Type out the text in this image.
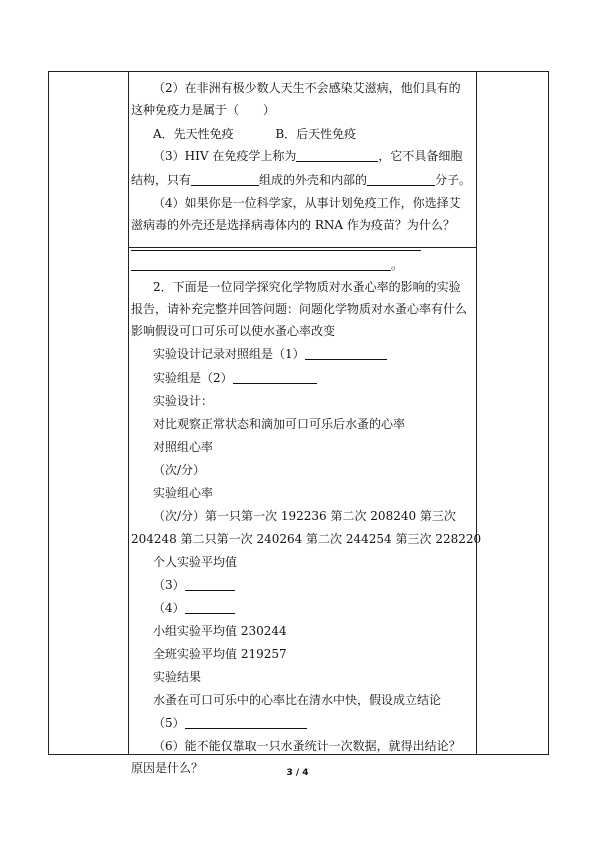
（2）在非洲有极少数人天生不会感染艾滋病，他们具有的
这种免疫力是属于（　　）
A．先天性免疫	B．后天性免疫
（3）HIV 在免疫学上称为	，它不具备细胞
结构，只有	组成的外壳和内部的	分子。
（4）如果你是一位科学家，从事计划免疫工作，你选择艾
滋病毒的外壳还是选择病毒体内的 RNA 作为疫苗？为什么？
。
2．下面是一位同学探究化学物质对水蚤心率的影响的实验
报告，请补充完整并回答问题：问题化学物质对水蚤心率有什么
影响假设可口可乐可以使水蚤心率改变
实验设计记录对照组是（1）
实验组是（2）
实验设计：
对比观察正常状态和滴加可口可乐后水蚤的心率
对照组心率
（次/分）
实验组心率
（次/分）第一只第一次 192236 第二次 208240 第三次
204248 第二只第一次 240264 第二次 244254 第三次 228220
个人实验平均值
（3）
（4）
小组实验平均值 230244
全班实验平均值 219257
实验结果
水蚤在可口可乐中的心率比在清水中快，假设成立结论
（5）
（6）能不能仅靠取一只水蚤统计一次数据，就得出结论？
原因是什么？	3 / 4
